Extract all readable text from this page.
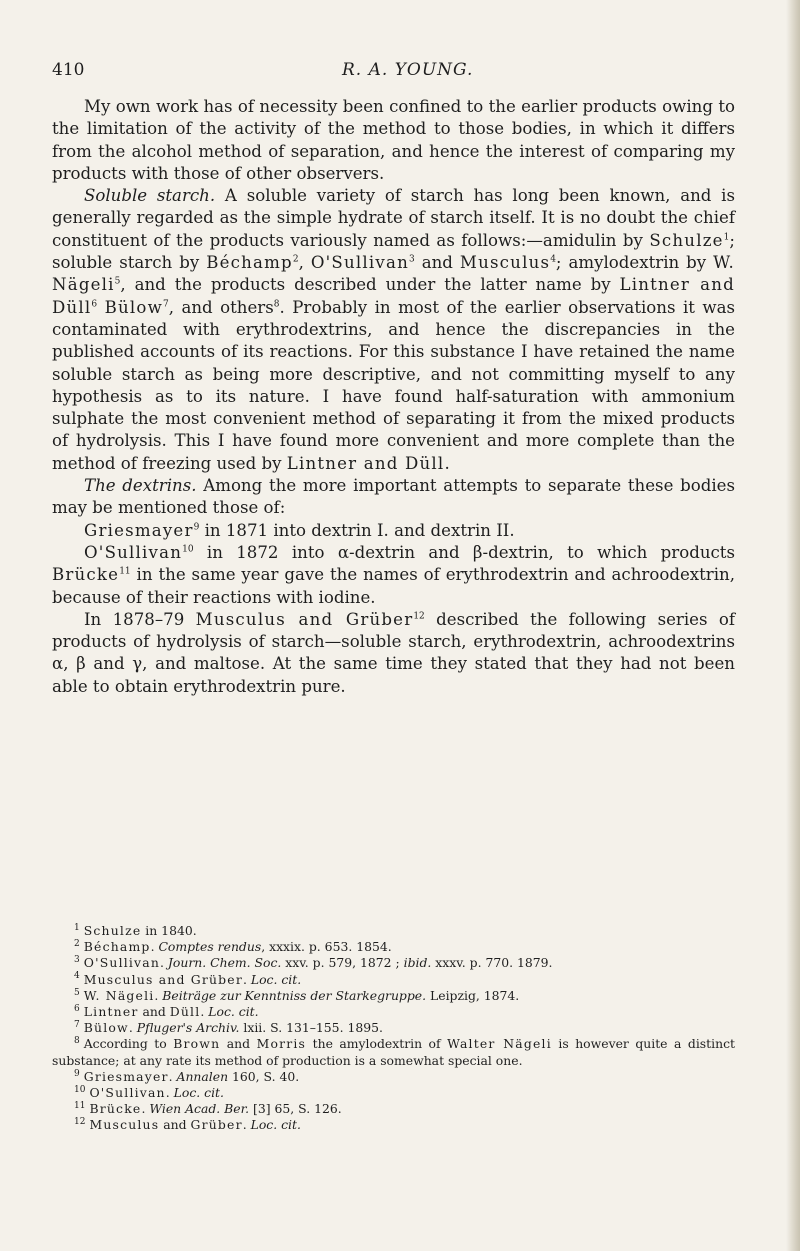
410	R. A. YOUNG.

My own work has of necessity been confined to the earlier products owing to the limitation of the activity of the method to those bodies, in which it differs from the alcohol method of separation, and hence the interest of comparing my products with those of other observers.

Soluble starch. A soluble variety of starch has long been known, and is generally regarded as the simple hydrate of starch itself. It is no doubt the chief constituent of the products variously named as follows:—amidulin by Schulze$^1$; soluble starch by Béchamp$^2$, O'Sullivan$^3$ and Musculus$^4$; amylodextrin by W. Nägeli$^5$, and the products described under the latter name by Lintner and Düll$^6$ Bülow$^7$, and others$^8$. Probably in most of the earlier observations it was contaminated with erythrodextrins, and hence the discrepancies in the published accounts of its reactions. For this substance I have retained the name soluble starch as being more descriptive, and not committing myself to any hypothesis as to its nature. I have found half-saturation with ammonium sulphate the most convenient method of separating it from the mixed products of hydrolysis. This I have found more convenient and more complete than the method of freezing used by Lintner and Düll.

The dextrins. Among the more important attempts to separate these bodies may be mentioned those of:

Griesmayer$^9$ in 1871 into dextrin I. and dextrin II.

O'Sullivan$^{10}$ in 1872 into α-dextrin and β-dextrin, to which products Brücke$^{11}$ in the same year gave the names of erythrodextrin and achroodextrin, because of their reactions with iodine.

In 1878–79 Musculus and Grüber$^{12}$ described the following series of products of hydrolysis of starch—soluble starch, erythrodextrin, achroodextrins α, β and γ, and maltose. At the same time they stated that they had not been able to obtain erythrodextrin pure.

$^1$ Schulze in 1840.

$^2$ Béchamp. Comptes rendus, xxxix. p. 653. 1854.

$^3$ O'Sullivan. Journ. Chem. Soc. xxv. p. 579, 1872 ; ibid. xxxv. p. 770. 1879.

$^4$ Musculus and Grüber. Loc. cit.

$^5$ W. Nägeli. Beiträge zur Kenntniss der Starkegruppe. Leipzig, 1874.

$^6$ Lintner and Düll. Loc. cit.

$^7$ Bülow. Pfluger's Archiv. lxii. S. 131–155. 1895.

$^8$ According to Brown and Morris the amylodextrin of Walter Nägeli is however quite a distinct substance; at any rate its method of production is a somewhat special one.

$^9$ Griesmayer. Annalen 160, S. 40.

$^{10}$ O'Sullivan. Loc. cit.

$^{11}$ Brücke. Wien Acad. Ber. [3] 65, S. 126.

$^{12}$ Musculus and Grüber. Loc. cit.
